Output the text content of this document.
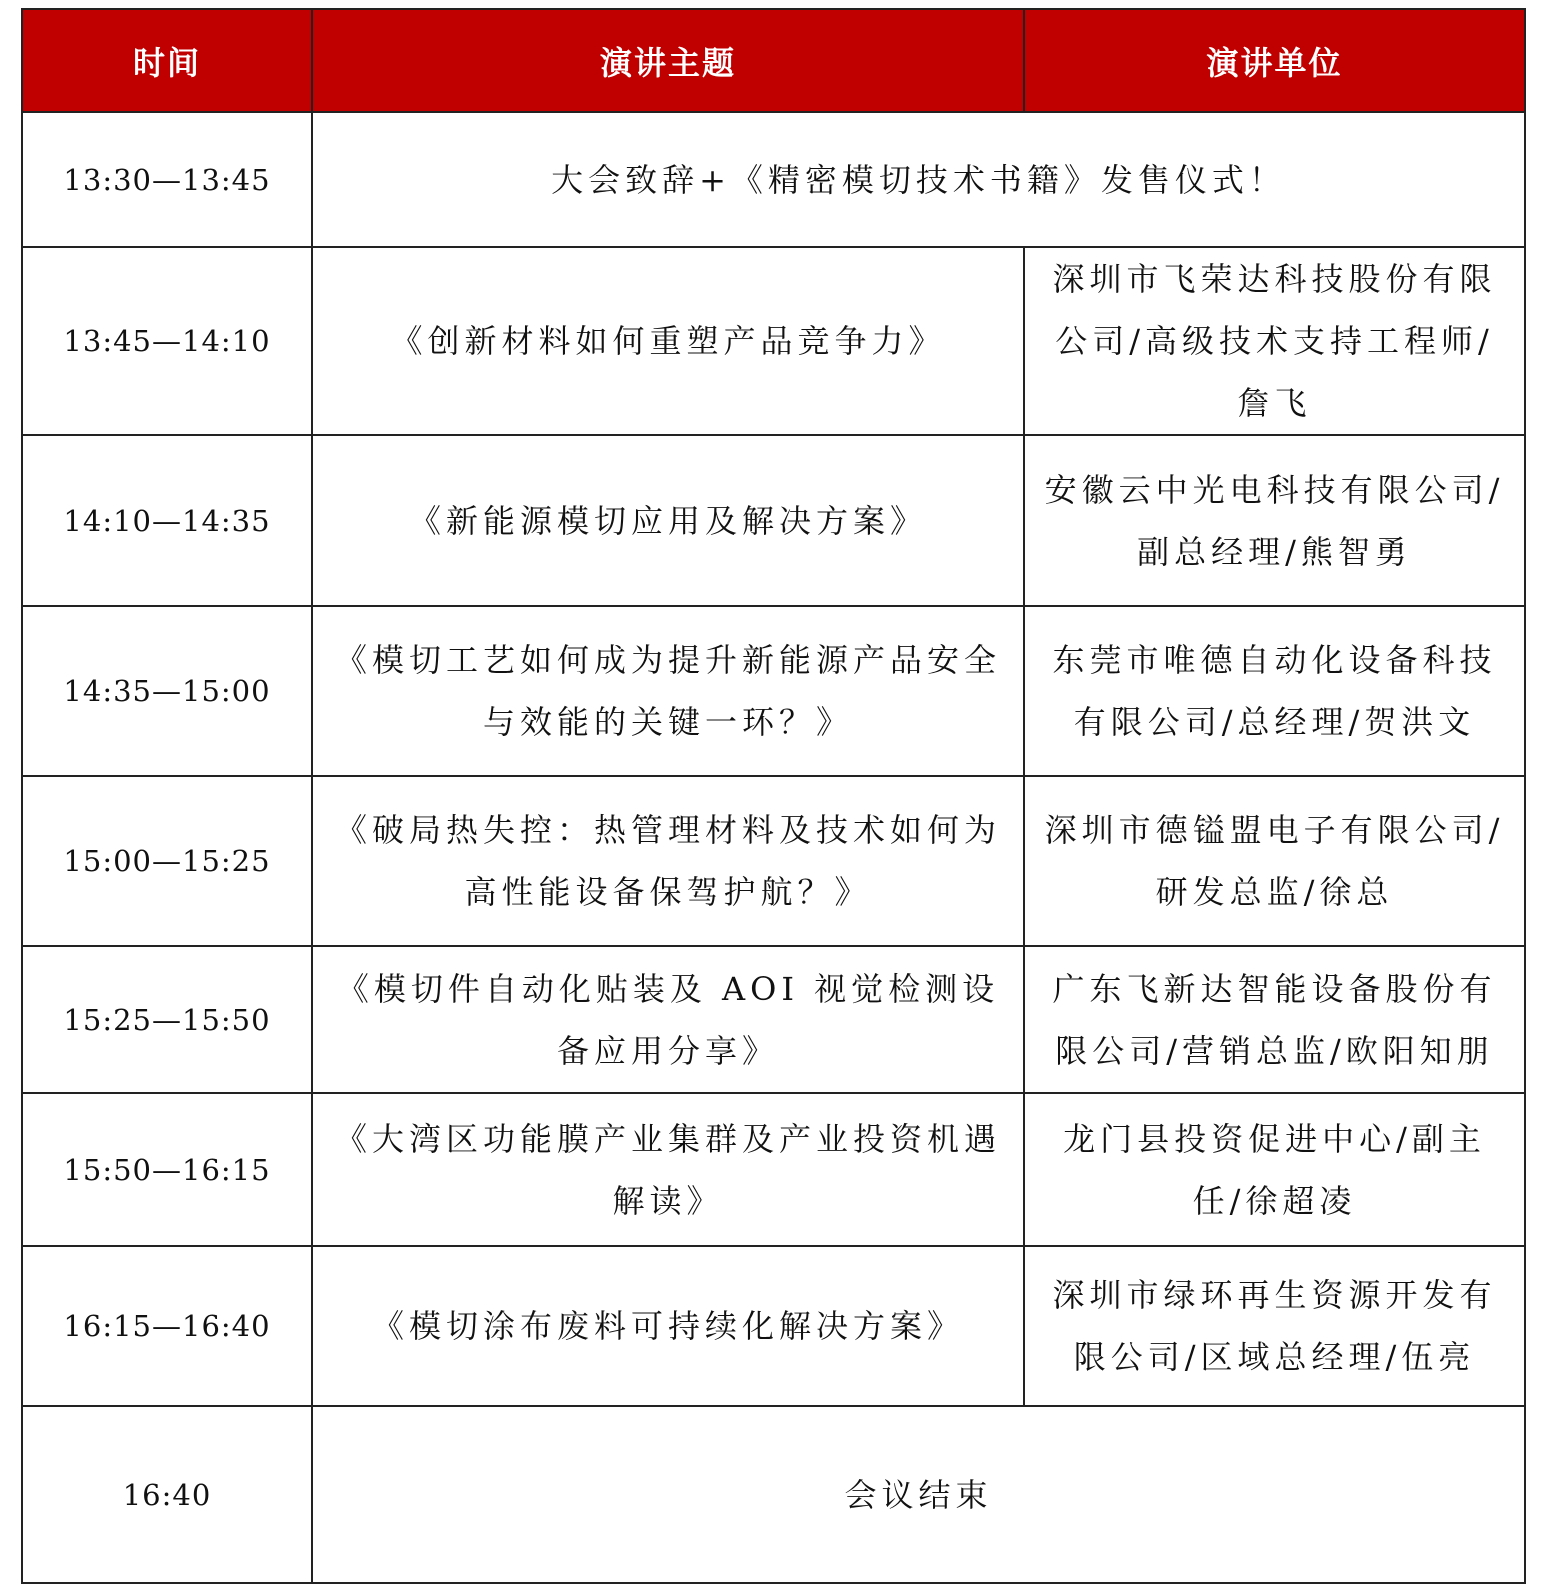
时间	演讲主题	演讲单位
13:30—13:45	大会致辞+《精密模切技术书籍》发售仪式！	
13:45—14:10	《创新材料如何重塑产品竞争力》	深圳市飞荣达科技股份有限公司/高级技术支持工程师/詹飞
14:10—14:35	《新能源模切应用及解决方案》	安徽云中光电科技有限公司/副总经理/熊智勇
14:35—15:00	《模切工艺如何成为提升新能源产品安全与效能的关键一环？》	东莞市唯德自动化设备科技有限公司/总经理/贺洪文
15:00—15:25	《破局热失控：热管理材料及技术如何为高性能设备保驾护航？》	深圳市德镒盟电子有限公司/研发总监/徐总
15:25—15:50	《模切件自动化贴装及 AOI 视觉检测设备应用分享》	广东飞新达智能设备股份有限公司/营销总监/欧阳知朋
15:50—16:15	《大湾区功能膜产业集群及产业投资机遇解读》	龙门县投资促进中心/副主任/徐超凌
16:15—16:40	《模切涂布废料可持续化解决方案》	深圳市绿环再生资源开发有限公司/区域总经理/伍亮
16:40	会议结束	
